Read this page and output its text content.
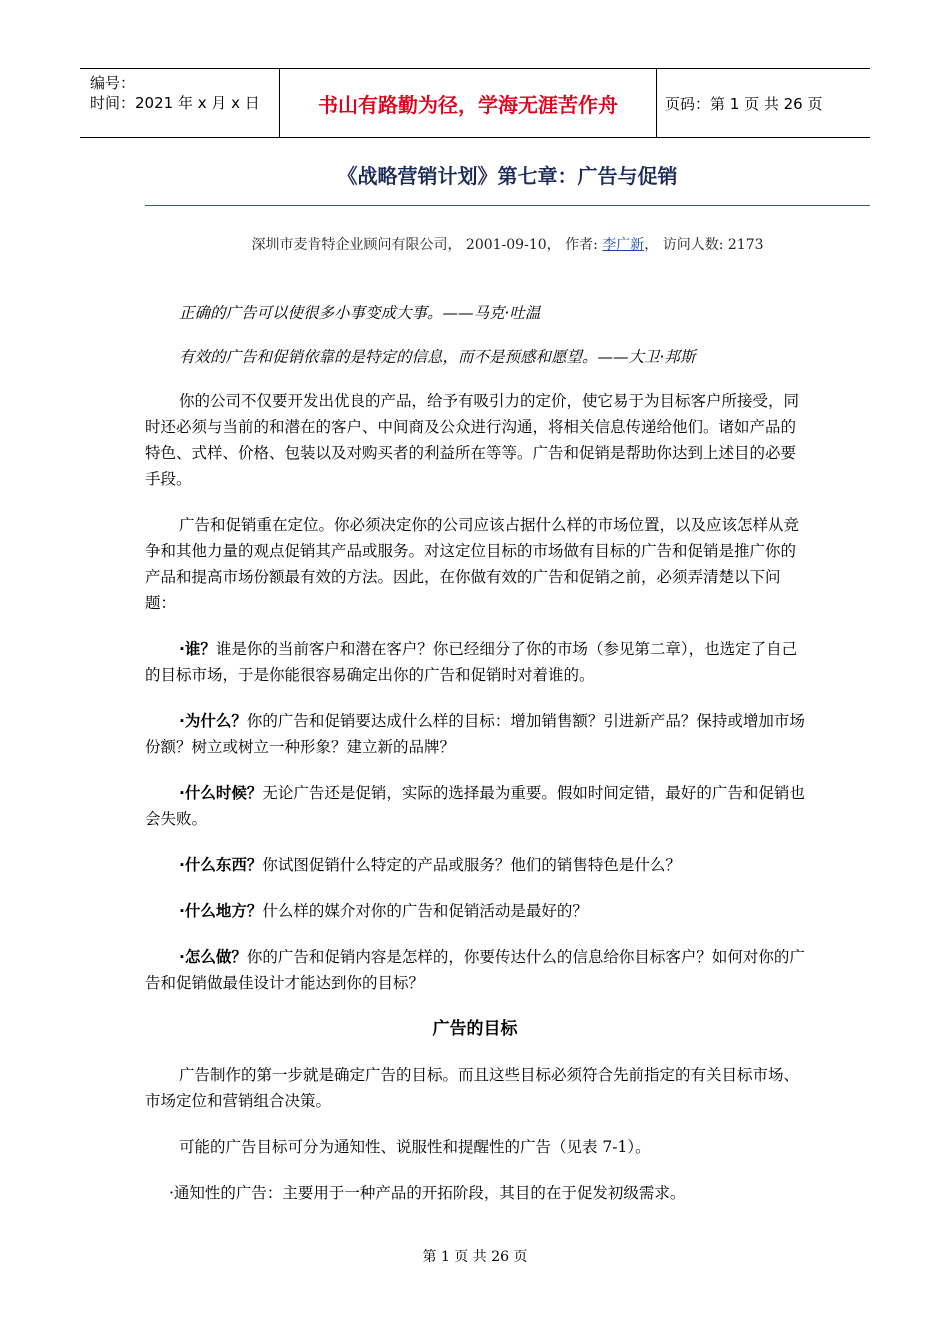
编号：
时间：2021 年 x 月 x 日	书山有路勤为径，学海无涯苦作舟	页码：第 1 页 共 26 页
《战略营销计划》第七章：广告与促销
深圳市麦肯特企业顾问有限公司， 2001-09-10， 作者: 李广新， 访问人数: 2173

正确的广告可以使很多小事变成大事。——马克·吐温

有效的广告和促销依靠的是特定的信息，而不是预感和愿望。——大卫·邦斯

你的公司不仅要开发出优良的产品，给予有吸引力的定价，使它易于为目标客户所接受，同时还必须与当前的和潜在的客户、中间商及公众进行沟通，将相关信息传递给他们。诸如产品的特色、式样、价格、包装以及对购买者的利益所在等等。广告和促销是帮助你达到上述目的必要手段。

广告和促销重在定位。你必须决定你的公司应该占据什么样的市场位置，以及应该怎样从竞争和其他力量的观点促销其产品或服务。对这定位目标的市场做有目标的广告和促销是推广你的产品和提高市场份额最有效的方法。因此，在你做有效的广告和促销之前，必须弄清楚以下问题：

·谁？谁是你的当前客户和潜在客户？你已经细分了你的市场（参见第二章），也选定了自己的目标市场，于是你能很容易确定出你的广告和促销时对着谁的。

·为什么？你的广告和促销要达成什么样的目标：增加销售额？引进新产品？保持或增加市场份额？树立或树立一种形象？建立新的品牌？

·什么时候？无论广告还是促销，实际的选择最为重要。假如时间定错，最好的广告和促销也会失败。

·什么东西？你试图促销什么特定的产品或服务？他们的销售特色是什么？

·什么地方？什么样的媒介对你的广告和促销活动是最好的？

·怎么做？你的广告和促销内容是怎样的，你要传达什么的信息给你目标客户？如何对你的广告和促销做最佳设计才能达到你的目标？

广告的目标

广告制作的第一步就是确定广告的目标。而且这些目标必须符合先前指定的有关目标市场、市场定位和营销组合决策。

可能的广告目标可分为通知性、说服性和提醒性的广告（见表 7-1）。

·通知性的广告：主要用于一种产品的开拓阶段，其目的在于促发初级需求。

第 1 页 共 26 页
